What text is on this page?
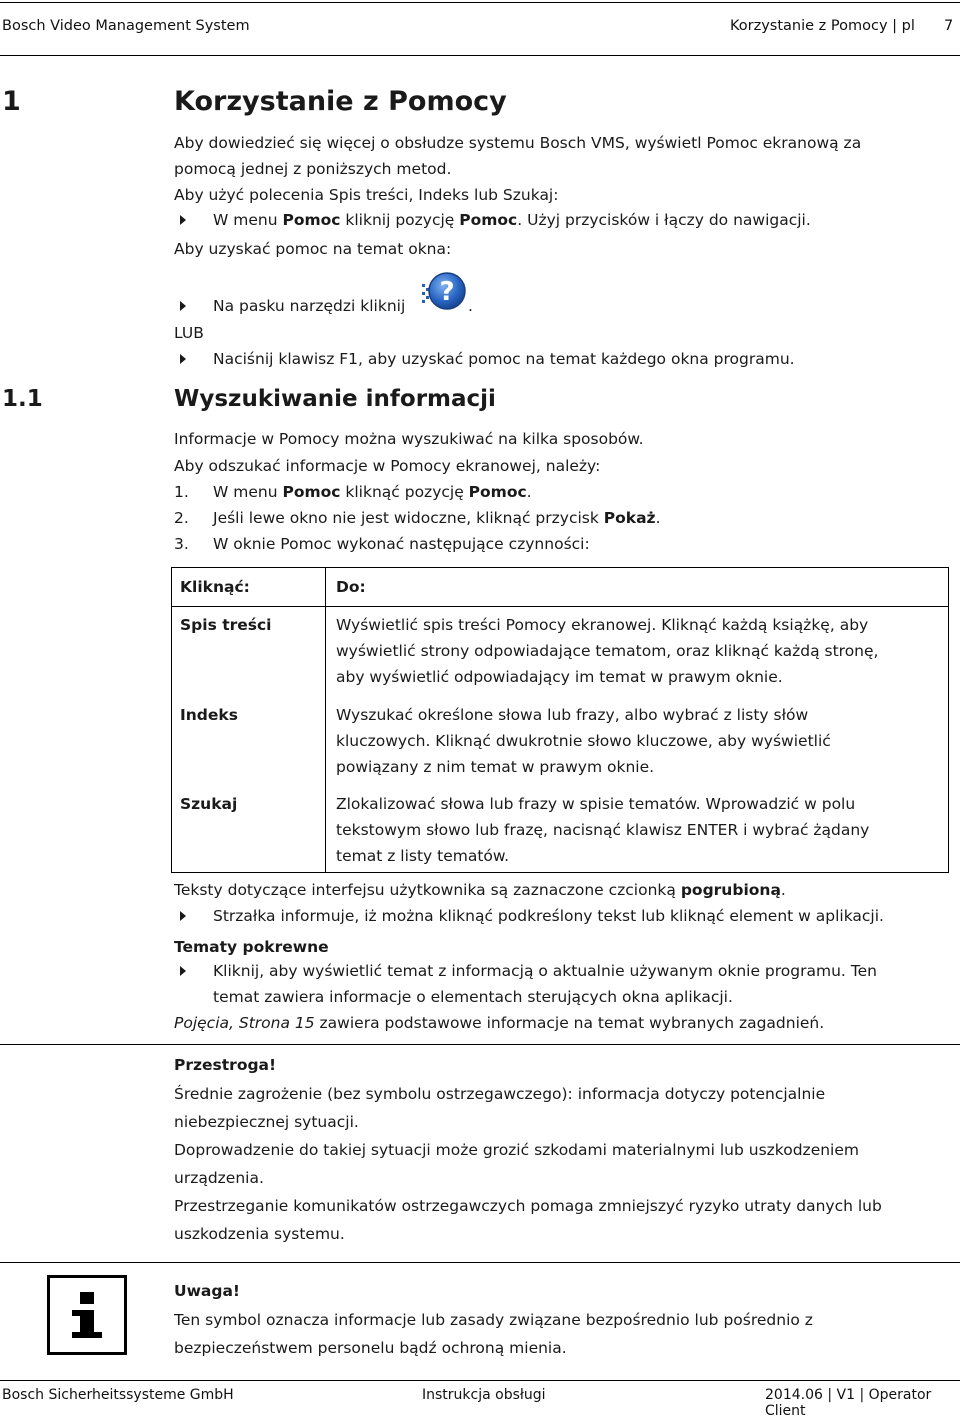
Bosch Video Management System	Korzystanie z Pomocy | pl 7
1	Korzystanie z Pomocy
Aby dowiedzieć się więcej o obsłudze systemu Bosch VMS, wyświetl Pomoc ekranową za
pomocą jednej z poniższych metod.
Aby użyć polecenia Spis treści, Indeks lub Szukaj:
W menu Pomoc kliknij pozycję Pomoc. Użyj przycisków i łączy do nawigacji.
Aby uzyskać pomoc na temat okna:
Na pasku narzędzi kliknij ? .
LUB
Naciśnij klawisz F1, aby uzyskać pomoc na temat każdego okna programu.
1.1	Wyszukiwanie informacji
Informacje w Pomocy można wyszukiwać na kilka sposobów.
Aby odszukać informacje w Pomocy ekranowej, należy:
1. W menu Pomoc kliknąć pozycję Pomoc.
2. Jeśli lewe okno nie jest widoczne, kliknąć przycisk Pokaż.
3. W oknie Pomoc wykonać następujące czynności:
Kliknąć:	Do:
Spis treści	Wyświetlić spis treści Pomocy ekranowej. Kliknąć każdą książkę, aby
wyświetlić strony odpowiadające tematom, oraz kliknąć każdą stronę,
aby wyświetlić odpowiadający im temat w prawym oknie.
Indeks	Wyszukać określone słowa lub frazy, albo wybrać z listy słów
kluczowych. Kliknąć dwukrotnie słowo kluczowe, aby wyświetlić
powiązany z nim temat w prawym oknie.
Szukaj	Zlokalizować słowa lub frazy w spisie tematów. Wprowadzić w polu
tekstowym słowo lub frazę, nacisnąć klawisz ENTER i wybrać żądany
temat z listy tematów.
Teksty dotyczące interfejsu użytkownika są zaznaczone czcionką pogrubioną.
Strzałka informuje, iż można kliknąć podkreślony tekst lub kliknąć element w aplikacji.
Tematy pokrewne
Kliknij, aby wyświetlić temat z informacją o aktualnie używanym oknie programu. Ten
temat zawiera informacje o elementach sterujących okna aplikacji.
Pojęcia, Strona 15 zawiera podstawowe informacje na temat wybranych zagadnień.
Przestroga!
Średnie zagrożenie (bez symbolu ostrzegawczego): informacja dotyczy potencjalnie
niebezpiecznej sytuacji.
Doprowadzenie do takiej sytuacji może grozić szkodami materialnymi lub uszkodzeniem
urządzenia.
Przestrzeganie komunikatów ostrzegawczych pomaga zmniejszyć ryzyko utraty danych lub
uszkodzenia systemu.
Uwaga!
Ten symbol oznacza informacje lub zasady związane bezpośrednio lub pośrednio z
bezpieczeństwem personelu bądź ochroną mienia.
Bosch Sicherheitssysteme GmbH	Instrukcja obsługi	2014.06 | V1 | Operator Client
